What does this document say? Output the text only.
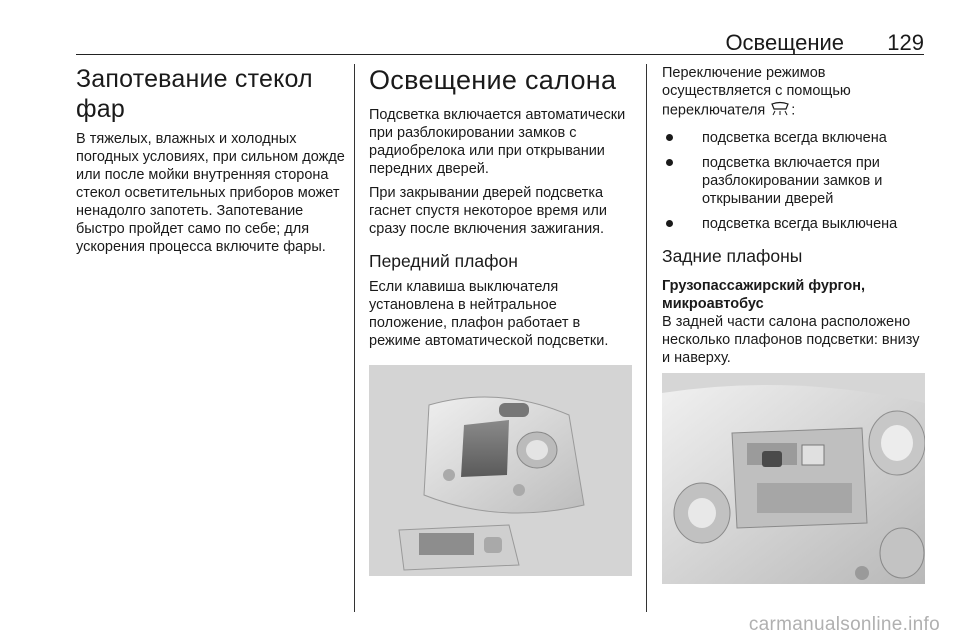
Освещение 129
Запотевание стекол фар

В тяжелых, влажных и холодных погодных условиях, при сильном дожде или после мойки внутренняя сторона стекол осветительных приборов может ненадолго запотеть. Запотевание быстро пройдет само по себе; для ускорения процесса включите фары.

Освещение салона

Подсветка включается автоматически при разблокировании замков с радиобрелока или при открывании передних дверей.

При закрывании дверей подсветка гаснет спустя некоторое время или сразу после включения зажигания.

Передний плафон

Если клавиша выключателя установлена в нейтральное положение, плафон работает в режиме автоматической подсветки.

Переключение режимов осуществляется с помощью переключателя :

подсветка всегда включена
подсветка включается при разблокировании замков и открывании дверей
подсветка всегда выключена
Задние плафоны
Грузопассажирский фургон, микроавтобус

В задней части салона расположено несколько плафонов подсветки: внизу и наверху.

carmanualsonline.info
